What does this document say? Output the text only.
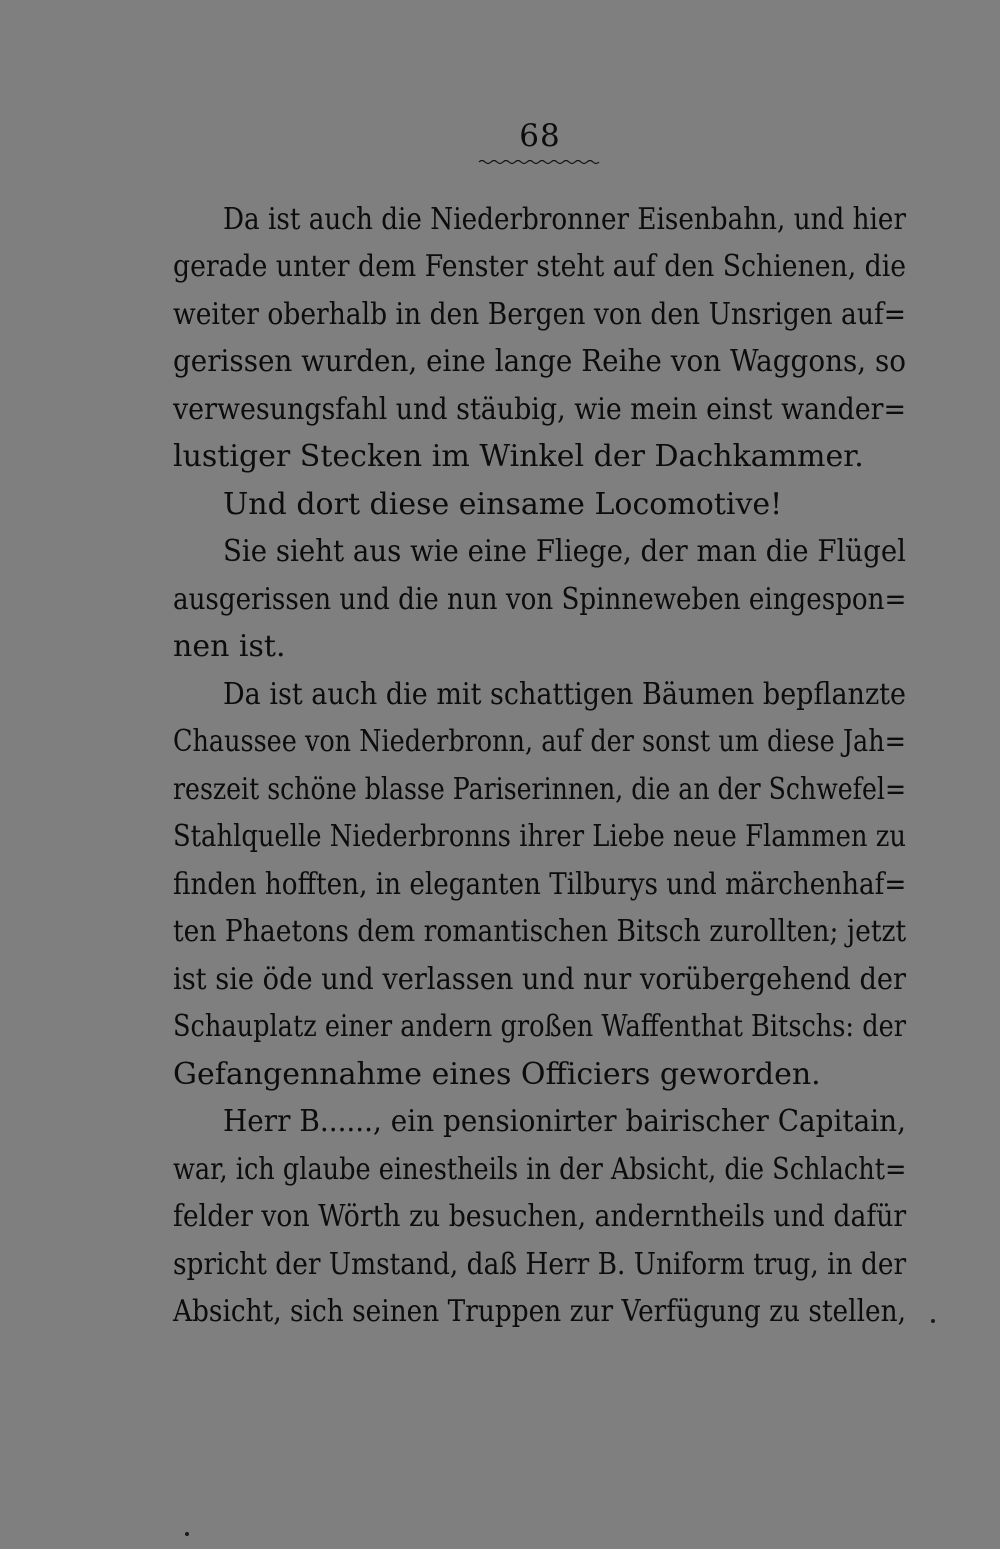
68
Da ist auch die Niederbronner Eisenbahn, und hier
gerade unter dem Fenster steht auf den Schienen, die
weiter oberhalb in den Bergen von den Unsrigen auf=
gerissen wurden, eine lange Reihe von Waggons, so
verwesungsfahl und stäubig, wie mein einst wander=
lustiger Stecken im Winkel der Dachkammer.
Und dort diese einsame Locomotive!
Sie sieht aus wie eine Fliege, der man die Flügel
ausgerissen und die nun von Spinneweben eingespon=
nen ist.
Da ist auch die mit schattigen Bäumen bepflanzte
Chaussee von Niederbronn, auf der sonst um diese Jah=
reszeit schöne blasse Pariserinnen, die an der Schwefel=
Stahlquelle Niederbronns ihrer Liebe neue Flammen zu
finden hofften, in eleganten Tilburys und märchenhaf=
ten Phaetons dem romantischen Bitsch zurollten; jetzt
ist sie öde und verlassen und nur vorübergehend der
Schauplatz einer andern großen Waffenthat Bitschs: der
Gefangennahme eines Officiers geworden.
Herr B......, ein pensionirter bairischer Capitain,
war, ich glaube einestheils in der Absicht, die Schlacht=
felder von Wörth zu besuchen, anderntheils und dafür
spricht der Umstand, daß Herr B. Uniform trug, in der
Absicht, sich seinen Truppen zur Verfügung zu stellen,
